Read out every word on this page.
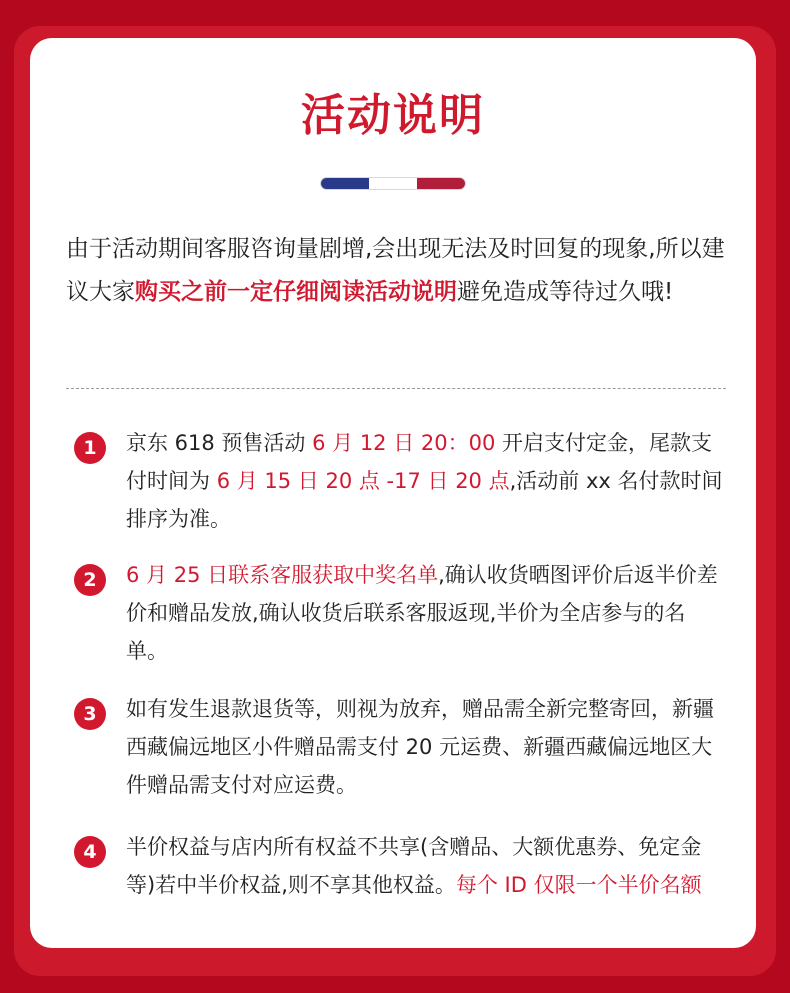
活动说明
由于活动期间客服咨询量剧增,会出现无法及时回复的现象,所以建议大家购买之前一定仔细阅读活动说明避免造成等待过久哦!
1	京东 618 预售活动 6 月 12 日 20：00 开启支付定金，尾款支付时间为 6 月 15 日 20 点 -17 日 20 点,活动前 xx 名付款时间排序为准。
2	6 月 25 日联系客服获取中奖名单,确认收货晒图评价后返半价差价和赠品发放,确认收货后联系客服返现,半价为全店参与的名单。
3	如有发生退款退货等，则视为放弃，赠品需全新完整寄回，新疆西藏偏远地区小件赠品需支付 20 元运费、新疆西藏偏远地区大件赠品需支付对应运费。
4	半价权益与店内所有权益不共享(含赠品、大额优惠券、免定金等)若中半价权益,则不享其他权益。每个 ID 仅限一个半价名额
